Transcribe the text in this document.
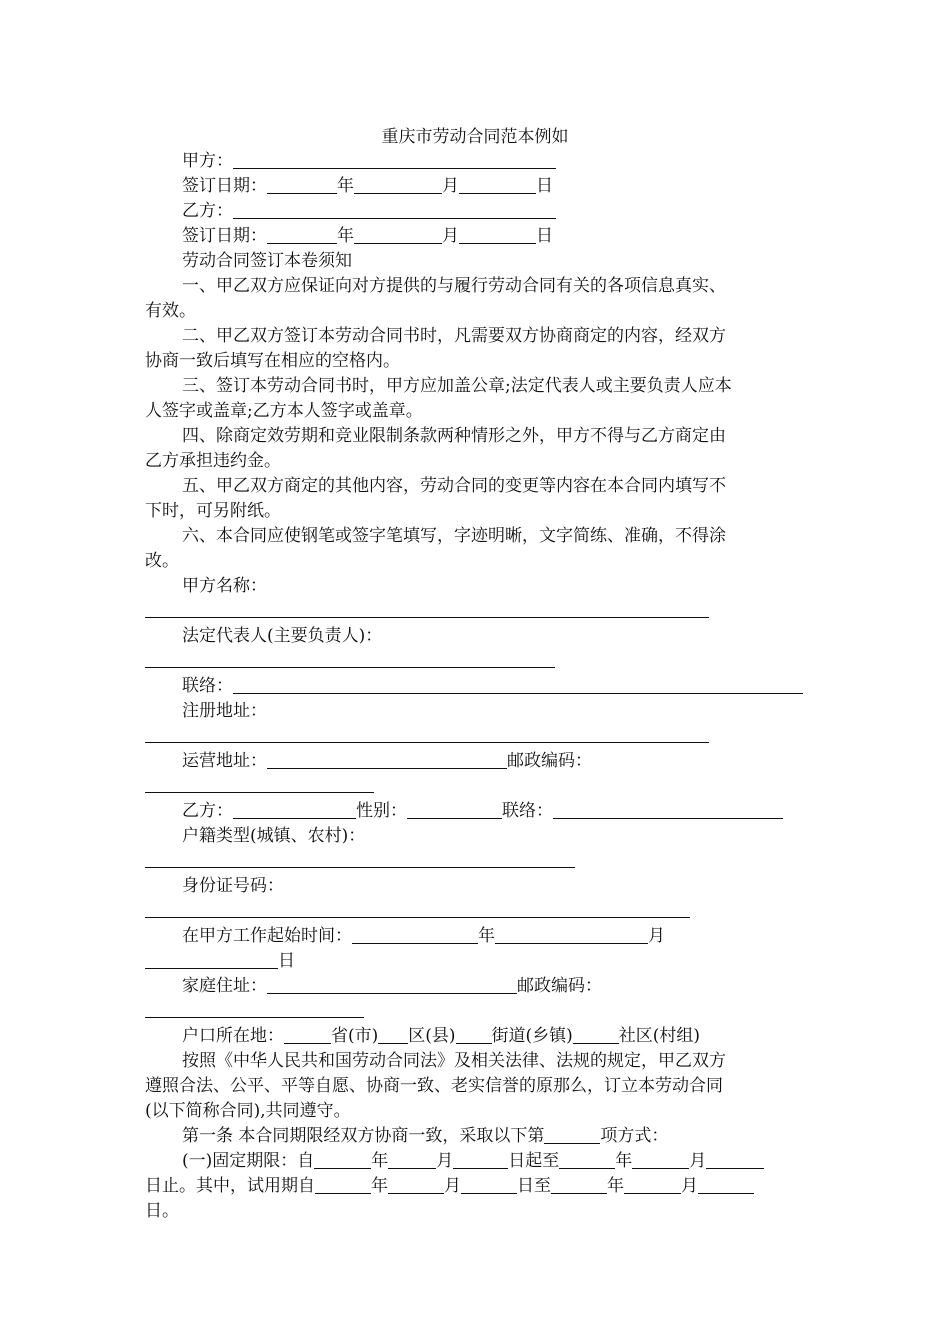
重庆市劳动合同范本例如
甲方：
签订日期：	年	月	日
乙方：
签订日期：	年	月	日
劳动合同签订本卷须知
一、甲乙双方应保证向对方提供的与履行劳动合同有关的各项信息真实、
有效。
二、甲乙双方签订本劳动合同书时，凡需要双方协商商定的内容，经双方
协商一致后填写在相应的空格内。
三、签订本劳动合同书时，甲方应加盖公章;法定代表人或主要负责人应本
人签字或盖章;乙方本人签字或盖章。
四、除商定效劳期和竞业限制条款两种情形之外，甲方不得与乙方商定由
乙方承担违约金。
五、甲乙双方商定的其他内容，劳动合同的变更等内容在本合同内填写不
下时，可另附纸。
六、本合同应使钢笔或签字笔填写，字迹明晰，文字简练、准确，不得涂
改。
甲方名称：
法定代表人(主要负责人)：
联络：
注册地址：
运营地址：	邮政编码：
乙方：	性别：	联络：
户籍类型(城镇、农村)：
身份证号码：
在甲方工作起始时间：	年	月
日
家庭住址：	邮政编码：
户口所在地：	省(市) 区(县) 街道(乡镇)	社区(村组)
按照《中华人民共和国劳动合同法》及相关法律、法规的规定，甲乙双方
遵照合法、公平、平等自愿、协商一致、老实信誉的原那么，订立本劳动合同
(以下简称合同),共同遵守。
第一条 本合同期限经双方协商一致，采取以下第	项方式：
(一)固定期限：自	年	月	日起至	年	月
日止。其中，试用期自	年	月	日至	年	月
日。
